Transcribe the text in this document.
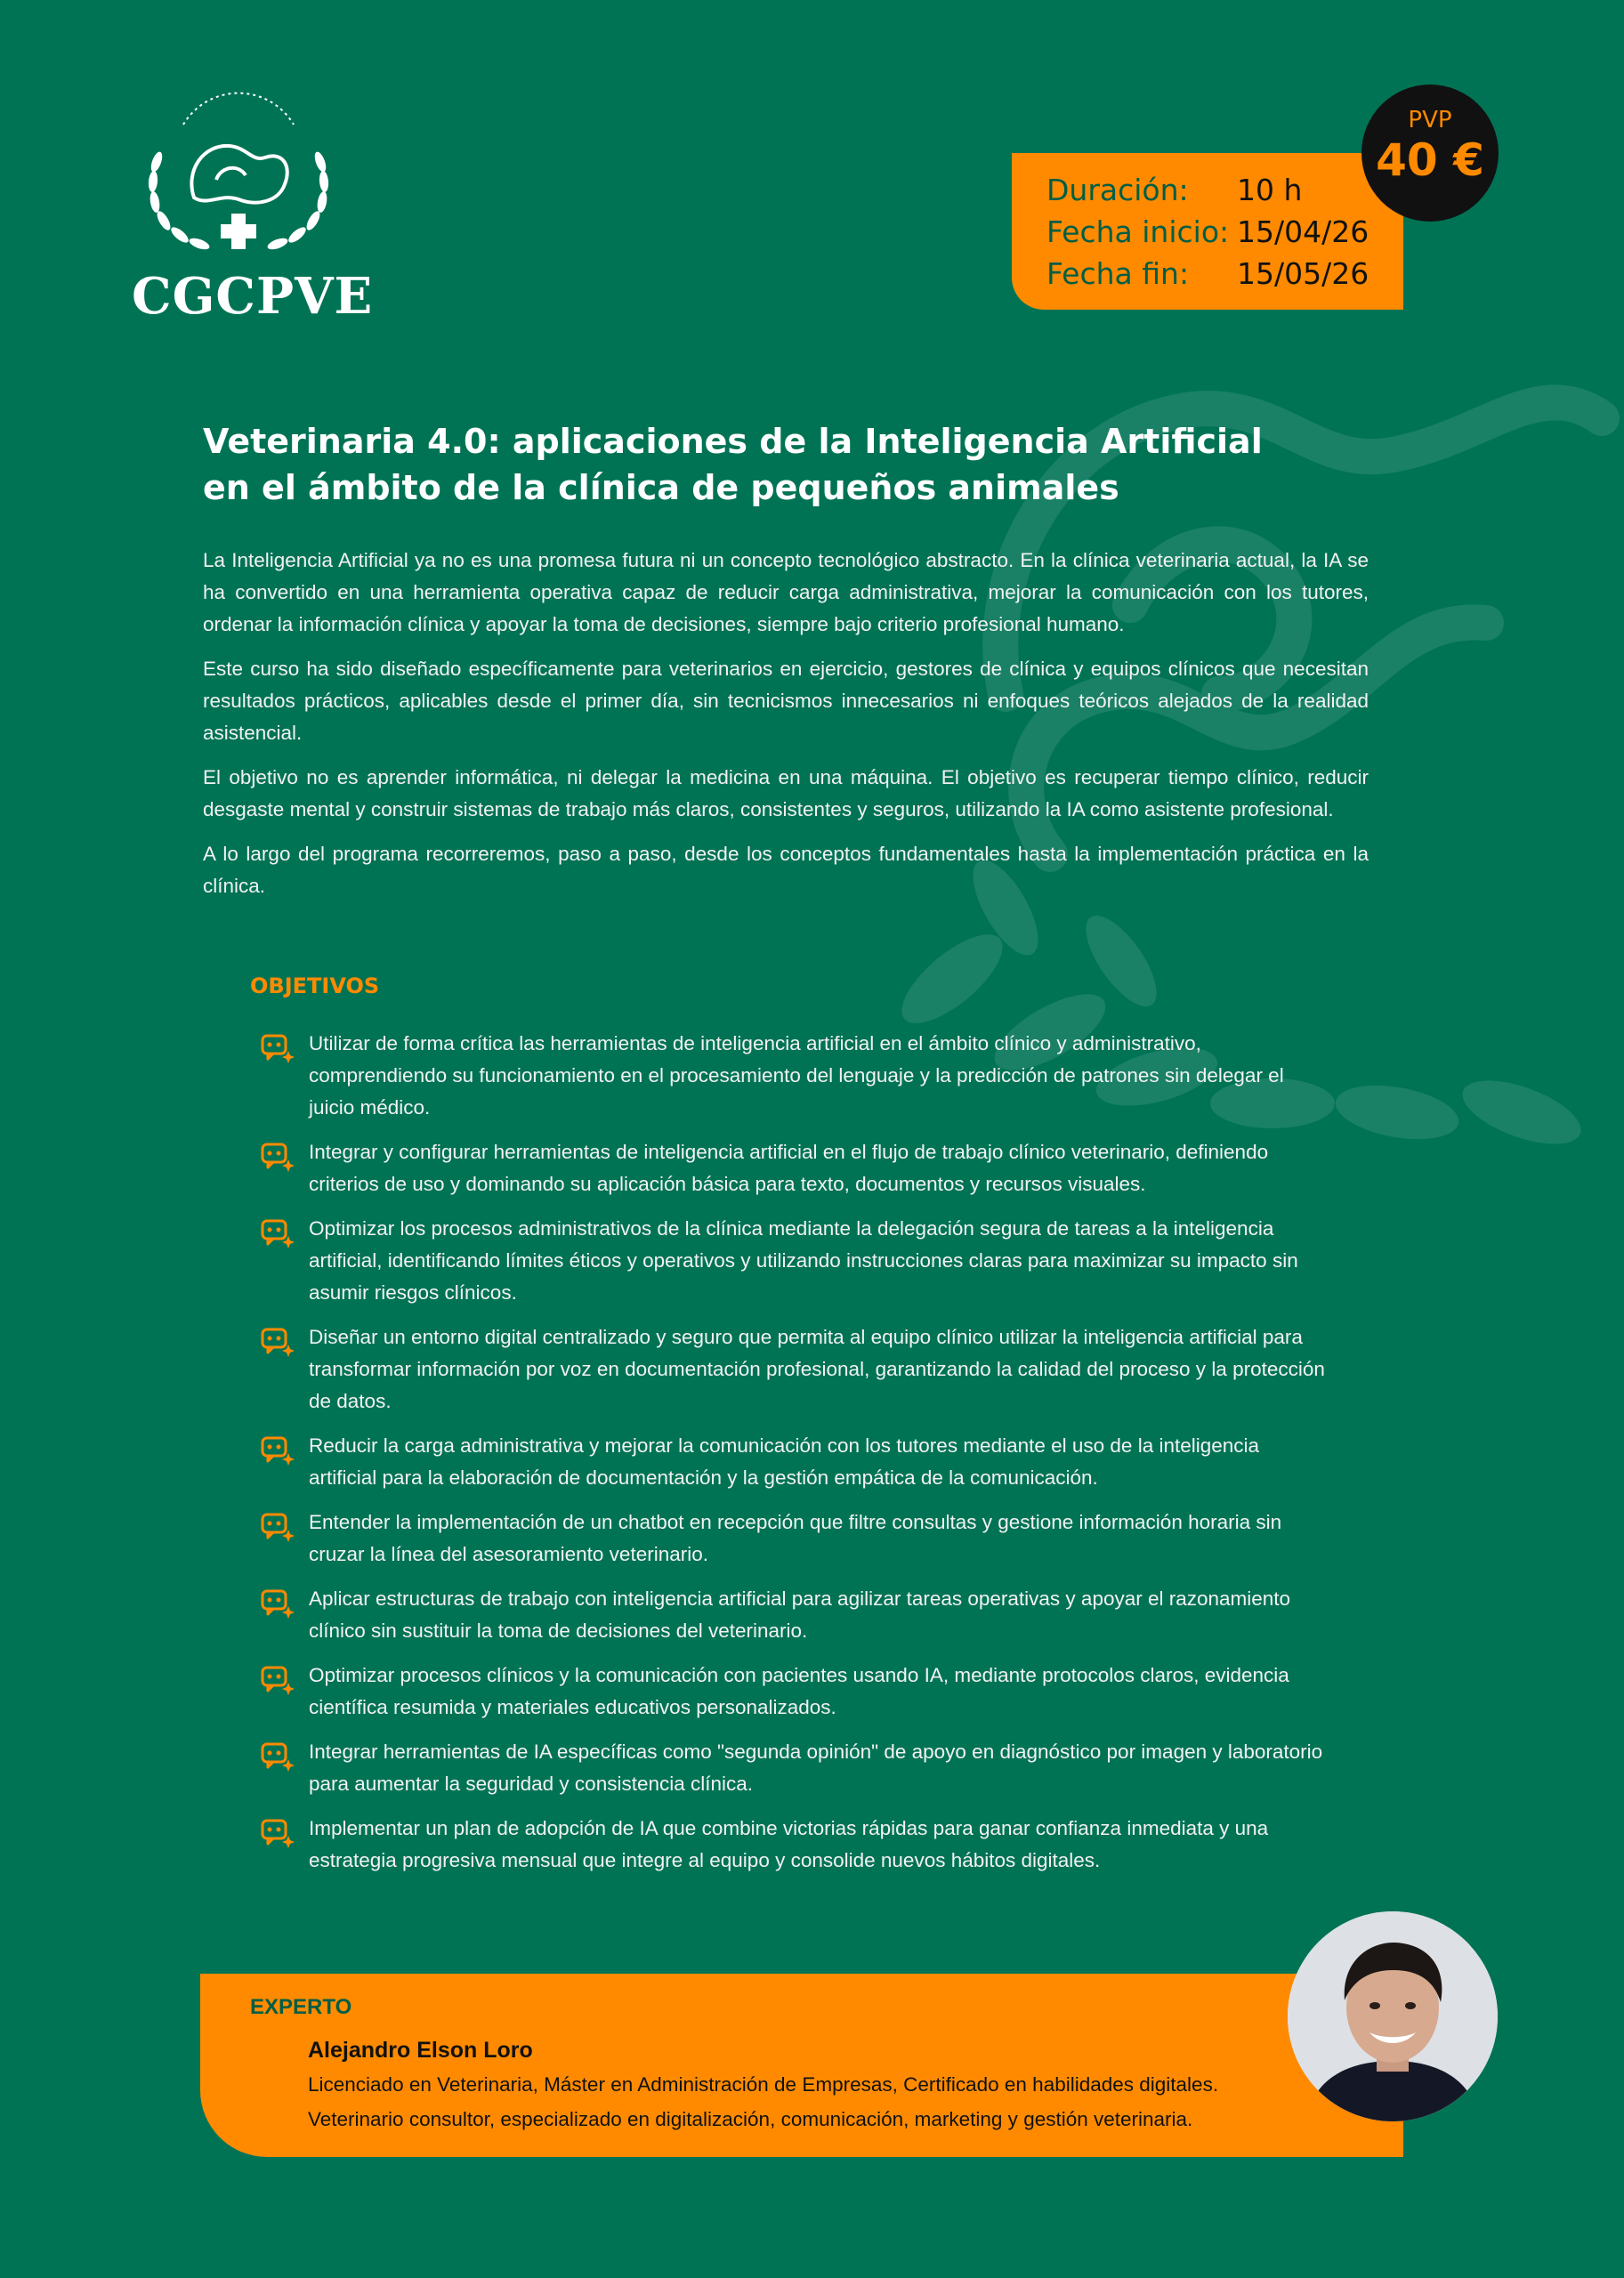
CGCPVE
Duración:	10 h
Fecha inicio: 15/04/26
Fecha fin:	15/05/26
PVP
40 €
Veterinaria 4.0: aplicaciones de la Inteligencia Artificial
en el ámbito de la clínica de pequeños animales

La Inteligencia Artificial ya no es una promesa futura ni un concepto tecnológico abstracto. En la clínica veterinaria actual, la IA se ha convertido en una herramienta operativa capaz de reducir carga administrativa, mejorar la comunicación con los tutores, ordenar la información clínica y apoyar la toma de decisiones, siempre bajo criterio profesional humano.

Este curso ha sido diseñado específicamente para veterinarios en ejercicio, gestores de clínica y equipos clínicos que necesitan resultados prácticos, aplicables desde el primer día, sin tecnicismos innecesarios ni enfoques teóricos alejados de la realidad asistencial.

El objetivo no es aprender informática, ni delegar la medicina en una máquina. El objetivo es recuperar tiempo clínico, reducir desgaste mental y construir sistemas de trabajo más claros, consistentes y seguros, utilizando la IA como asistente profesional.

A lo largo del programa recorreremos, paso a paso, desde los conceptos fundamentales hasta la implementación práctica en la clínica.

OBJETIVOS
Utilizar de forma crítica las herramientas de inteligencia artificial en el ámbito clínico y administrativo, comprendiendo su funcionamiento en el procesamiento del lenguaje y la predicción de patrones sin delegar el juicio médico.
Integrar y configurar herramientas de inteligencia artificial en el flujo de trabajo clínico veterinario, definiendo criterios de uso y dominando su aplicación básica para texto, documentos y recursos visuales.
Optimizar los procesos administrativos de la clínica mediante la delegación segura de tareas a la inteligencia artificial, identificando límites éticos y operativos y utilizando instrucciones claras para maximizar su impacto sin asumir riesgos clínicos.
Diseñar un entorno digital centralizado y seguro que permita al equipo clínico utilizar la inteligencia artificial para transformar información por voz en documentación profesional, garantizando la calidad del proceso y la protección de datos.
Reducir la carga administrativa y mejorar la comunicación con los tutores mediante el uso de la inteligencia artificial para la elaboración de documentación y la gestión empática de la comunicación.
Entender la implementación de un chatbot en recepción que filtre consultas y gestione información horaria sin cruzar la línea del asesoramiento veterinario.
Aplicar estructuras de trabajo con inteligencia artificial para agilizar tareas operativas y apoyar el razonamiento clínico sin sustituir la toma de decisiones del veterinario.
Optimizar procesos clínicos y la comunicación con pacientes usando IA, mediante protocolos claros, evidencia científica resumida y materiales educativos personalizados.
Integrar herramientas de IA específicas como "segunda opinión" de apoyo en diagnóstico por imagen y laboratorio para aumentar la seguridad y consistencia clínica.
Implementar un plan de adopción de IA que combine victorias rápidas para ganar confianza inmediata y una estrategia progresiva mensual que integre al equipo y consolide nuevos hábitos digitales.
EXPERTO
Alejandro Elson Loro
Licenciado en Veterinaria, Máster en Administración de Empresas, Certificado en habilidades digitales.
Veterinario consultor, especializado en digitalización, comunicación, marketing y gestión veterinaria.
